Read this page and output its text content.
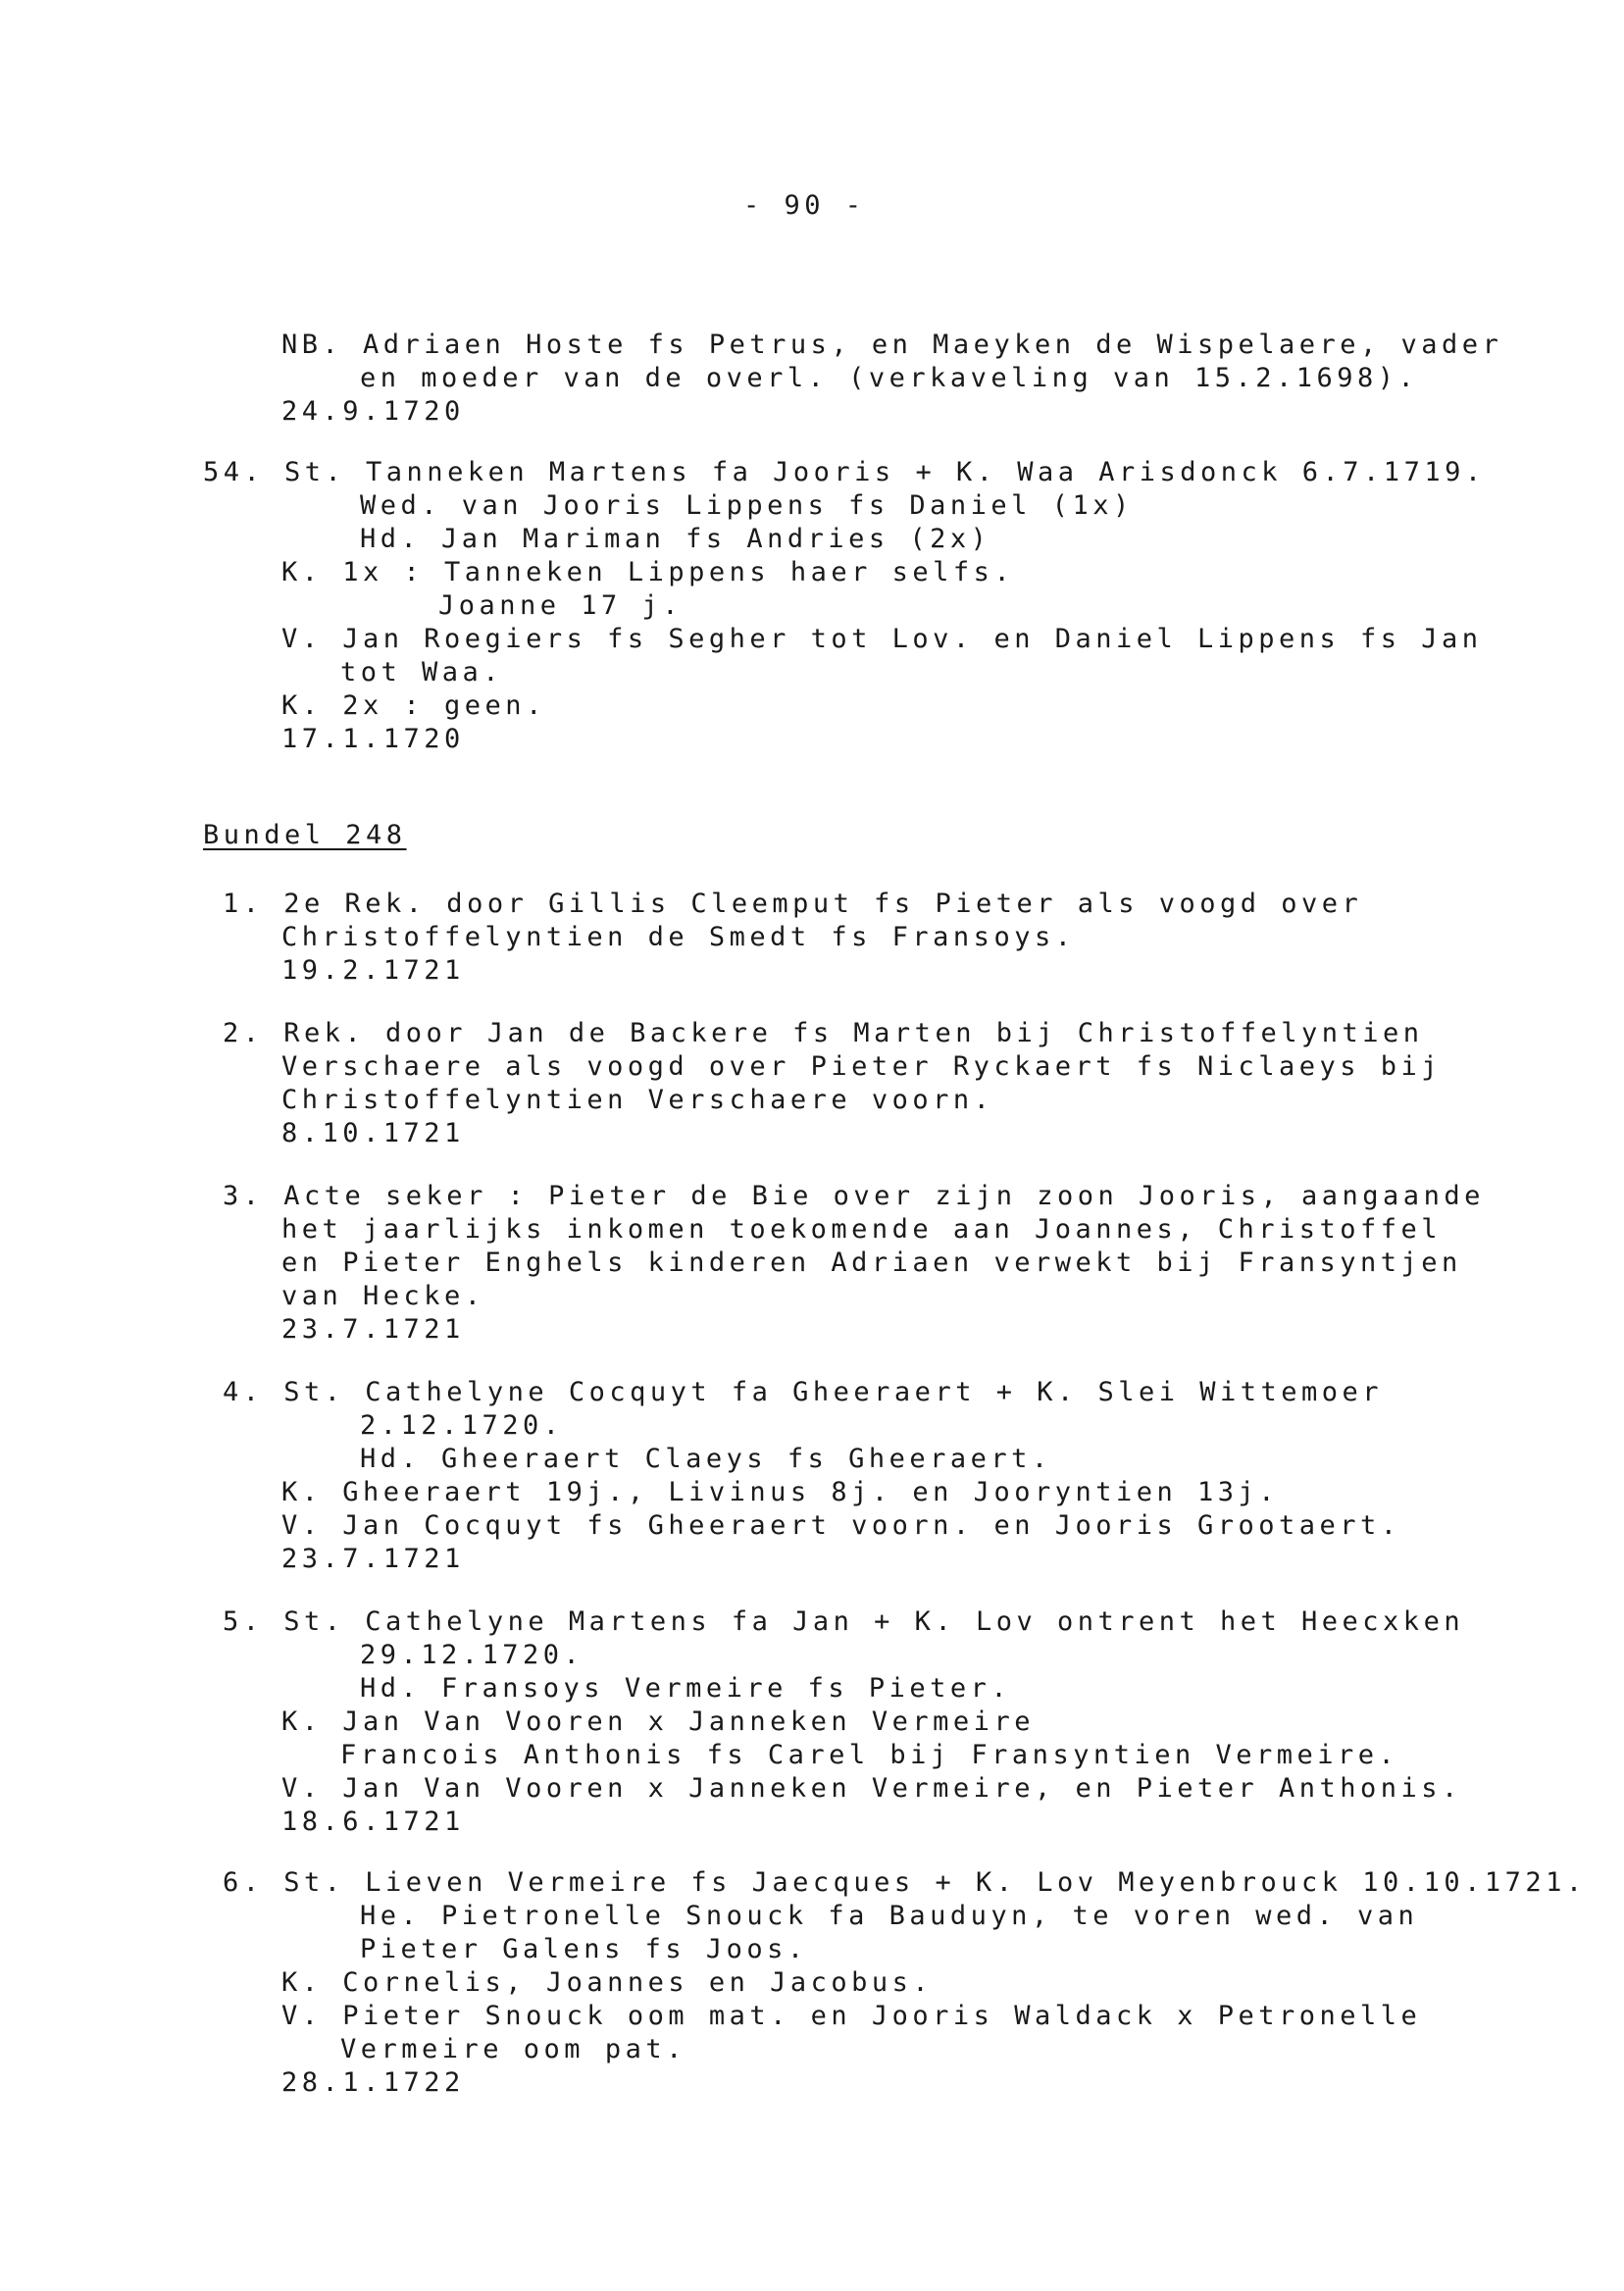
- 90 -
NB. Adriaen Hoste fs Petrus, en Maeyken de Wispelaere, vader
en moeder van de overl. (verkaveling van 15.2.1698).
24.9.1720
54. St. Tanneken Martens fa Jooris + K. Waa Arisdonck 6.7.1719.
Wed. van Jooris Lippens fs Daniel (1x)
Hd. Jan Mariman fs Andries (2x)
K. 1x : Tanneken Lippens haer selfs.
Joanne 17 j.
V. Jan Roegiers fs Segher tot Lov. en Daniel Lippens fs Jan
tot Waa.
K. 2x : geen.
17.1.1720
Bundel 248
1. 2e Rek. door Gillis Cleemput fs Pieter als voogd over
Christoffelyntien de Smedt fs Fransoys.
19.2.1721
2. Rek. door Jan de Backere fs Marten bij Christoffelyntien
Verschaere als voogd over Pieter Ryckaert fs Niclaeys bij
Christoffelyntien Verschaere voorn.
8.10.1721
3. Acte seker : Pieter de Bie over zijn zoon Jooris, aangaande
het jaarlijks inkomen toekomende aan Joannes, Christoffel
en Pieter Enghels kinderen Adriaen verwekt bij Fransyntjen
van Hecke.
23.7.1721
4. St. Cathelyne Cocquyt fa Gheeraert + K. Slei Wittemoer
2.12.1720.
Hd. Gheeraert Claeys fs Gheeraert.
K. Gheeraert 19j., Livinus 8j. en Jooryntien 13j.
V. Jan Cocquyt fs Gheeraert voorn. en Jooris Grootaert.
23.7.1721
5. St. Cathelyne Martens fa Jan + K. Lov ontrent het Heecxken
29.12.1720.
Hd. Fransoys Vermeire fs Pieter.
K. Jan Van Vooren x Janneken Vermeire
Francois Anthonis fs Carel bij Fransyntien Vermeire.
V. Jan Van Vooren x Janneken Vermeire, en Pieter Anthonis.
18.6.1721
6. St. Lieven Vermeire fs Jaecques + K. Lov Meyenbrouck 10.10.1721.
He. Pietronelle Snouck fa Bauduyn, te voren wed. van
Pieter Galens fs Joos.
K. Cornelis, Joannes en Jacobus.
V. Pieter Snouck oom mat. en Jooris Waldack x Petronelle
Vermeire oom pat.
28.1.1722
